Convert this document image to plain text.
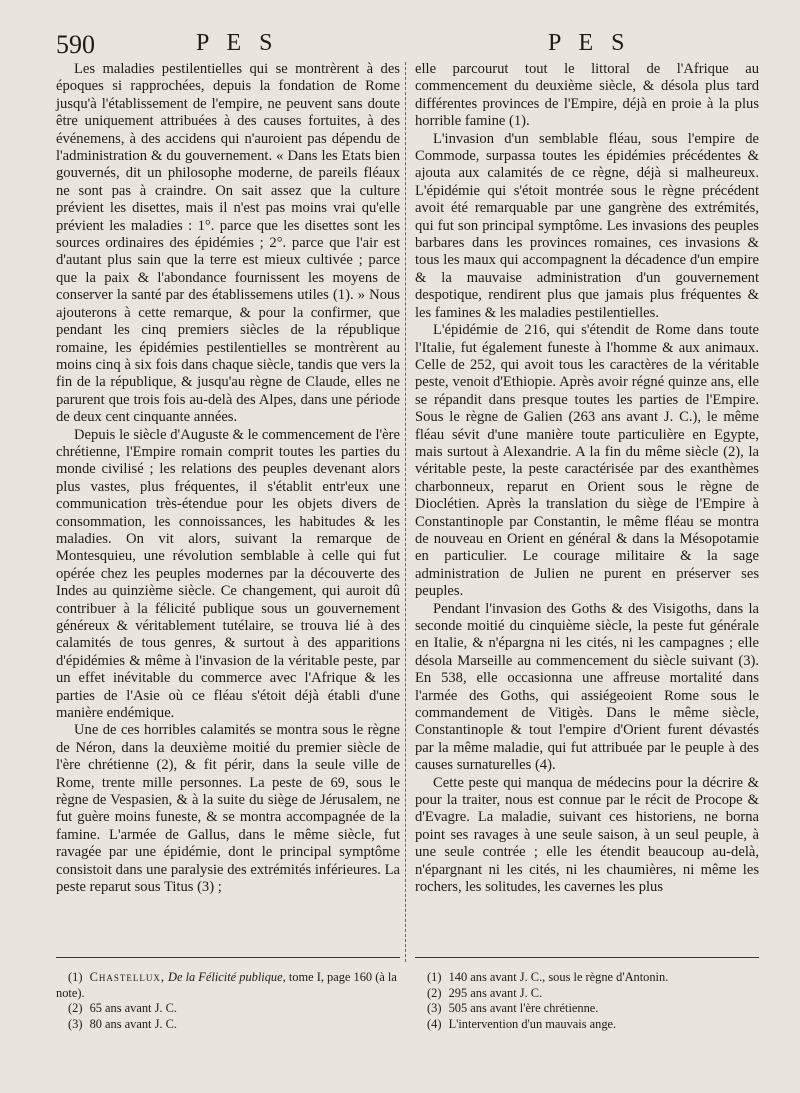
590	P E S	P E S

Les maladies pestilentielles qui se montrèrent à des époques si rapprochées, depuis la fondation de Rome jusqu'à l'établissement de l'empire, ne peuvent sans doute être uniquement attribuées à des causes fortuites, à des événemens, à des accidens qui n'auroient pas dépendu de l'administration & du gouvernement. « Dans les Etats bien gouvernés, dit un philosophe moderne, de pareils fléaux ne sont pas à craindre. On sait assez que la culture prévient les disettes, mais il n'est pas moins vrai qu'elle prévient les maladies : 1°. parce que les disettes sont les sources ordinaires des épidémies ; 2°. parce que l'air est d'autant plus sain que la terre est mieux cultivée ; parce que la paix & l'abondance fournissent les moyens de conserver la santé par des établissemens utiles (1). » Nous ajouterons à cette remarque, & pour la confirmer, que pendant les cinq premiers siècles de la république romaine, les épidémies pestilentielles se montrèrent au moins cinq à six fois dans chaque siècle, tandis que vers la fin de la république, & jusqu'au règne de Claude, elles ne parurent que trois fois au-delà des Alpes, dans une période de deux cent cinquante années.

Depuis le siècle d'Auguste & le commencement de l'ère chrétienne, l'Empire romain comprit toutes les parties du monde civilisé ; les relations des peuples devenant alors plus vastes, plus fréquentes, il s'établit entr'eux une communication très-étendue pour les objets divers de consommation, les connoissances, les habitudes & les maladies. On vit alors, suivant la remarque de Montesquieu, une révolution semblable à celle qui fut opérée chez les peuples modernes par la découverte des Indes au quinzième siècle. Ce changement, qui auroit dû contribuer à la félicité publique sous un gouvernement généreux & véritablement tutélaire, se trouva lié à des calamités de tous genres, & surtout à des apparitions d'épidémies & même à l'invasion de la véritable peste, par un effet inévitable du commerce avec l'Afrique & les parties de l'Asie où ce fléau s'étoit déjà établi d'une manière endémique.

Une de ces horribles calamités se montra sous le règne de Néron, dans la deuxième moitié du premier siècle de l'ère chrétienne (2), & fit périr, dans la seule ville de Rome, trente mille personnes. La peste de 69, sous le règne de Vespasien, & à la suite du siège de Jérusalem, ne fut guère moins funeste, & se montra accompagnée de la famine. L'armée de Gallus, dans le même siècle, fut ravagée par une épidémie, dont le principal symptôme consistoit dans une paralysie des extrémités inférieures. La peste reparut sous Titus (3) ;

elle parcourut tout le littoral de l'Afrique au commencement du deuxième siècle, & désola plus tard différentes provinces de l'Empire, déjà en proie à la plus horrible famine (1).

L'invasion d'un semblable fléau, sous l'empire de Commode, surpassa toutes les épidémies précédentes & ajouta aux calamités de ce règne, déjà si malheureux. L'épidémie qui s'étoit montrée sous le règne précédent avoit été remarquable par une gangrène des extrémités, qui fut son principal symptôme. Les invasions des peuples barbares dans les provinces romaines, ces invasions & tous les maux qui accompagnent la décadence d'un empire & la mauvaise administration d'un gouvernement despotique, rendirent plus que jamais plus fréquentes & les famines & les maladies pestilentielles.

L'épidémie de 216, qui s'étendit de Rome dans toute l'Italie, fut également funeste à l'homme & aux animaux. Celle de 252, qui avoit tous les caractères de la véritable peste, venoit d'Ethiopie. Après avoir régné quinze ans, elle se répandit dans presque toutes les parties de l'Empire. Sous le règne de Galien (263 ans avant J. C.), le même fléau sévit d'une manière toute particulière en Egypte, mais surtout à Alexandrie. A la fin du même siècle (2), la véritable peste, la peste caractérisée par des exanthèmes charbonneux, reparut en Orient sous le règne de Dioclétien. Après la translation du siège de l'Empire à Constantinople par Constantin, le même fléau se montra de nouveau en Orient en général & dans la Mésopotamie en particulier. Le courage militaire & la sage administration de Julien ne purent en préserver ses peuples.

Pendant l'invasion des Goths & des Visigoths, dans la seconde moitié du cinquième siècle, la peste fut générale en Italie, & n'épargna ni les cités, ni les campagnes ; elle désola Marseille au commencement du siècle suivant (3). En 538, elle occasionna une affreuse mortalité dans l'armée des Goths, qui assiégeoient Rome sous le commandement de Vitigès. Dans le même siècle, Constantinople & tout l'empire d'Orient furent dévastés par la même maladie, qui fut attribuée par le peuple à des causes surnaturelles (4).

Cette peste qui manqua de médecins pour la décrire & pour la traiter, nous est connue par le récit de Procope & d'Evagre. La maladie, suivant ces historiens, ne borna point ses ravages à une seule saison, à un seul peuple, à une seule contrée ; elle les étendit beaucoup au-delà, n'épargnant ni les cités, ni les chaumières, ni même les rochers, les solitudes, les cavernes les plus

(1) Chastellux, De la Félicité publique, tome I, page 160 (à la note).

(2) 65 ans avant J. C.

(3) 80 ans avant J. C.

(1) 140 ans avant J. C., sous le règne d'Antonin.

(2) 295 ans avant J. C.

(3) 505 ans avant l'ère chrétienne.

(4) L'intervention d'un mauvais ange.
